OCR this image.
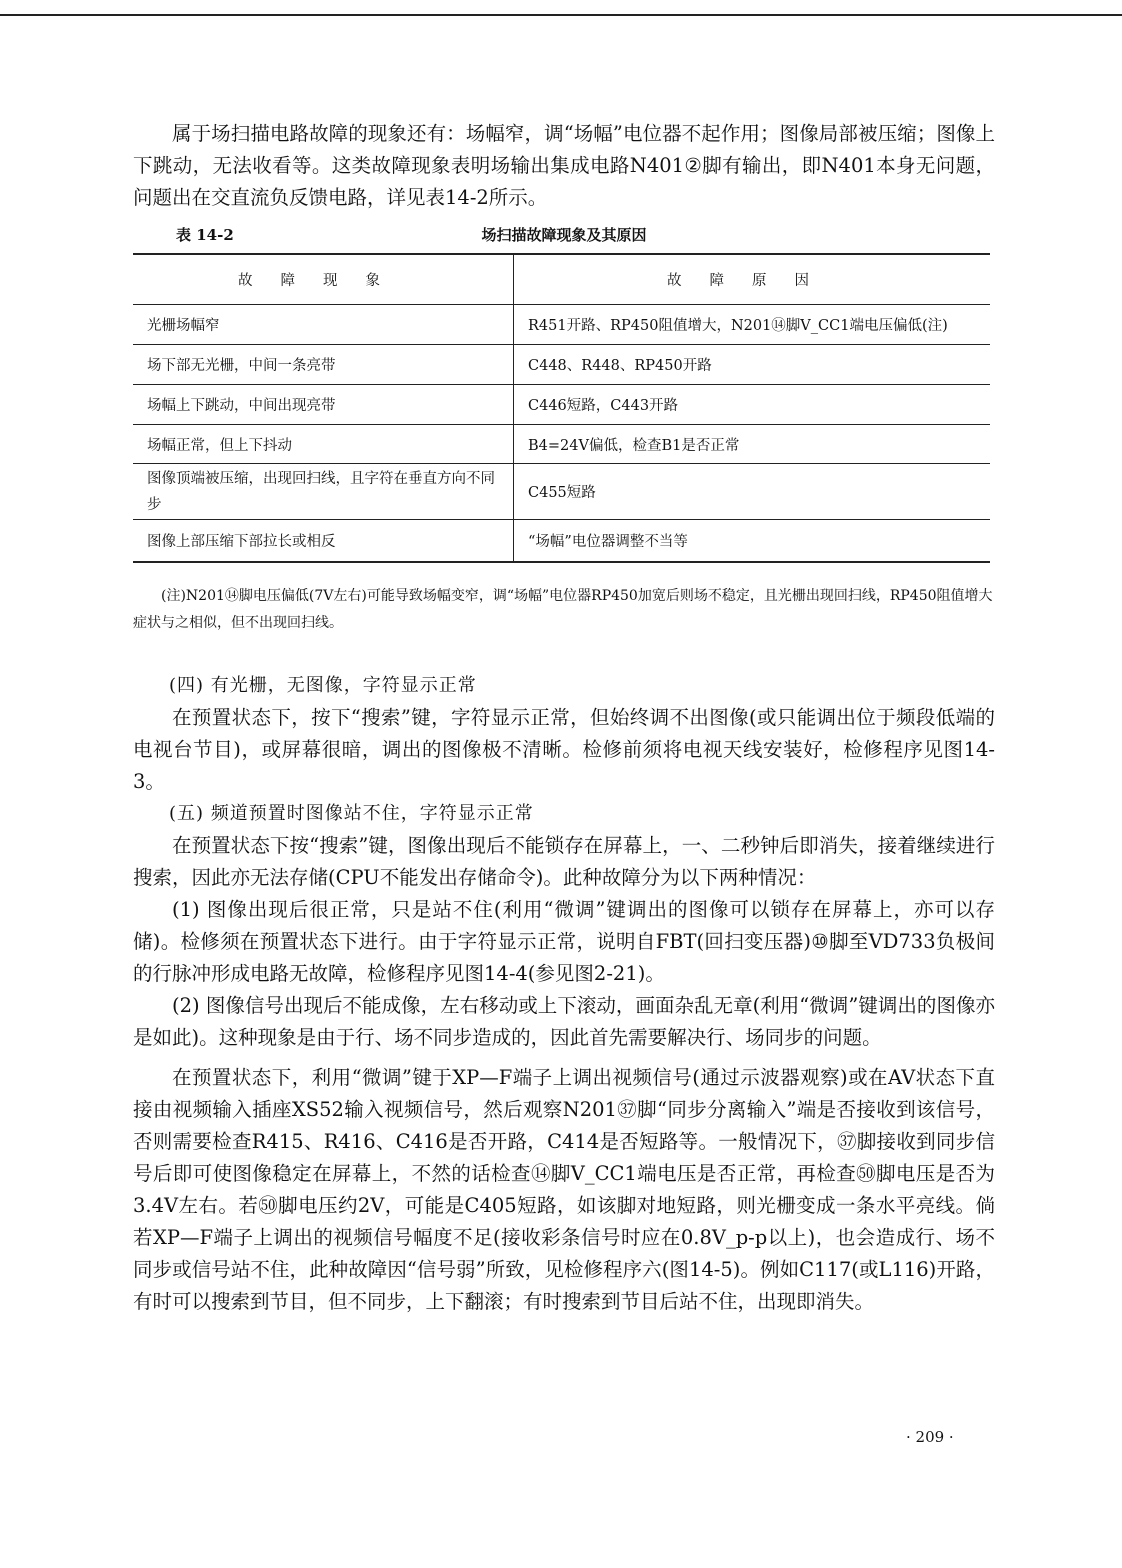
属于场扫描电路故障的现象还有：场幅窄，调“场幅”电位器不起作用；图像局部被压缩；图像上下跳动，无法收看等。这类故障现象表明场输出集成电路N401②脚有输出，即N401本身无问题，问题出在交直流负反馈电路，详见表14-2所示。

表 14-2	场扫描故障现象及其原因
故障现象	故障原因
光栅场幅窄	R451开路、RP450阻值增大，N201⑭脚V_CC1端电压偏低(注)
场下部无光栅，中间一条亮带	C448、R448、RP450开路
场幅上下跳动，中间出现亮带	C446短路，C443开路
场幅正常，但上下抖动	B4=24V偏低，检查B1是否正常
图像顶端被压缩，出现回扫线，且字符在垂直方向不同步	C455短路
图像上部压缩下部拉长或相反	“场幅”电位器调整不当等

(注)N201⑭脚电压偏低(7V左右)可能导致场幅变窄，调“场幅”电位器RP450加宽后则场不稳定，且光栅出现回扫线，RP450阻值增大症状与之相似，但不出现回扫线。

(四) 有光栅，无图像，字符显示正常

在预置状态下，按下“搜索”键，字符显示正常，但始终调不出图像(或只能调出位于频段低端的电视台节目)，或屏幕很暗，调出的图像极不清晰。检修前须将电视天线安装好，检修程序见图14-3。

(五) 频道预置时图像站不住，字符显示正常

在预置状态下按“搜索”键，图像出现后不能锁存在屏幕上，一、二秒钟后即消失，接着继续进行搜索，因此亦无法存储(CPU不能发出存储命令)。此种故障分为以下两种情况：

(1) 图像出现后很正常，只是站不住(利用“微调”键调出的图像可以锁存在屏幕上，亦可以存储)。检修须在预置状态下进行。由于字符显示正常，说明自FBT(回扫变压器)⑩脚至VD733负极间的行脉冲形成电路无故障，检修程序见图14-4(参见图2-21)。

(2) 图像信号出现后不能成像，左右移动或上下滚动，画面杂乱无章(利用“微调”键调出的图像亦是如此)。这种现象是由于行、场不同步造成的，因此首先需要解决行、场同步的问题。

在预置状态下，利用“微调”键于XP—F端子上调出视频信号(通过示波器观察)或在AV状态下直接由视频输入插座XS52输入视频信号，然后观察N201㊲脚“同步分离输入”端是否接收到该信号，否则需要检查R415、R416、C416是否开路，C414是否短路等。一般情况下，㊲脚接收到同步信号后即可使图像稳定在屏幕上，不然的话检查⑭脚V_CC1端电压是否正常，再检查㊿脚电压是否为3.4V左右。若㊿脚电压约2V，可能是C405短路，如该脚对地短路，则光栅变成一条水平亮线。倘若XP—F端子上调出的视频信号幅度不足(接收彩条信号时应在0.8V_p-p以上)，也会造成行、场不同步或信号站不住，此种故障因“信号弱”所致，见检修程序六(图14-5)。例如C117(或L116)开路，有时可以搜索到节目，但不同步，上下翻滚；有时搜索到节目后站不住，出现即消失。

· 209 ·
